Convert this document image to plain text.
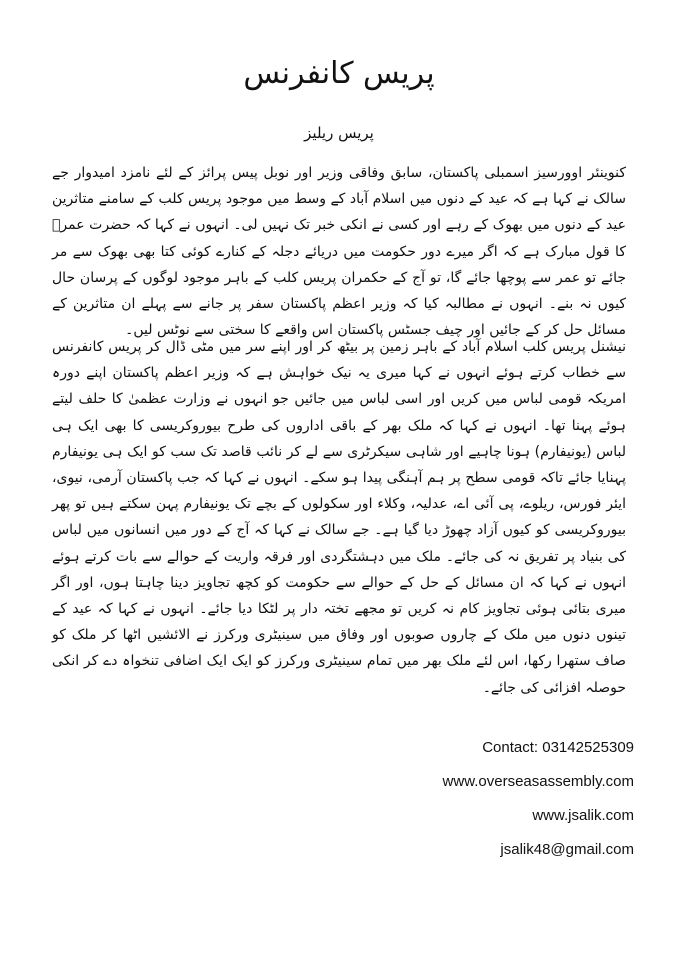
پریس کانفرنس
پریس ریلیز
کنوینئر اوورسیز اسمبلی پاکستان، سابق وفاقی وزیر اور نوبل پیس پرائز کے لئے نامزد امیدوار جے سالک نے کہا ہے کہ عید کے دنوں میں اسلام آباد کے وسط میں موجود پریس کلب کے سامنے متاثرین عید کے دنوں میں بھوک کے رہے اور کسی نے انکی خبر تک نہیں لی۔ انہوں نے کہا کہ حضرت عمرؓ کا قول مبارک ہے کہ اگر میرے دور حکومت میں دریائے دجلہ کے کنارے کوئی کتا بھی بھوک سے مر جائے تو عمر سے پوچھا جائے گا، تو آج کے حکمران پریس کلب کے باہر موجود لوگوں کے پرسان حال کیوں نہ بنے۔ انہوں نے مطالبہ کیا کہ وزیر اعظم پاکستان سفر پر جانے سے پہلے ان متاثرین کے مسائل حل کر کے جائیں اور چیف جسٹس پاکستان اس واقعے کا سختی سے نوٹس لیں۔
نیشنل پریس کلب اسلام آباد کے باہر زمین پر بیٹھ کر اور اپنے سر میں مٹی ڈال کر پریس کانفرنس سے خطاب کرتے ہوئے انہوں نے کہا میری یہ نیک خواہش ہے کہ وزیر اعظم پاکستان اپنے دورہ امریکہ قومی لباس میں کریں اور اسی لباس میں جائیں جو انہوں نے وزارت عظمیٰ کا حلف لیتے ہوئے پہنا تھا۔ انہوں نے کہا کہ ملک بھر کے باقی اداروں کی طرح بیوروکریسی کا بھی ایک ہی لباس (یونیفارم) ہونا چاہیے اور شاہی سیکرٹری سے لے کر نائب قاصد تک سب کو ایک ہی یونیفارم پہنایا جائے تاکہ قومی سطح پر ہم آہنگی پیدا ہو سکے۔ انہوں نے کہا کہ جب پاکستان آرمی، نیوی، ایئر فورس، ریلوے، پی آئی اے، عدلیہ، وکلاء اور سکولوں کے بچے تک یونیفارم پہن سکتے ہیں تو پھر بیوروکریسی کو کیوں آزاد چھوڑ دیا گیا ہے۔ جے سالک نے کہا کہ آج کے دور میں انسانوں میں لباس کی بنیاد پر تفریق نہ کی جائے۔ ملک میں دہشتگردی اور فرقہ واریت کے حوالے سے بات کرتے ہوئے انہوں نے کہا کہ ان مسائل کے حل کے حوالے سے حکومت کو کچھ تجاویز دینا چاہتا ہوں، اور اگر میری بتائی ہوئی تجاویز کام نہ کریں تو مجھے تختہ دار پر لٹکا دیا جائے۔ انہوں نے کہا کہ عید کے تینوں دنوں میں ملک کے چاروں صوبوں اور وفاق میں سینیٹری ورکرز نے الائشیں اٹھا کر ملک کو صاف ستھرا رکھا، اس لئے ملک بھر میں تمام سینیٹری ورکرز کو ایک ایک اضافی تنخواہ دے کر انکی حوصلہ افزائی کی جائے۔
Contact: 03142525309
www.overseasassembly.com
www.jsalik.com
jsalik48@gmail.com
